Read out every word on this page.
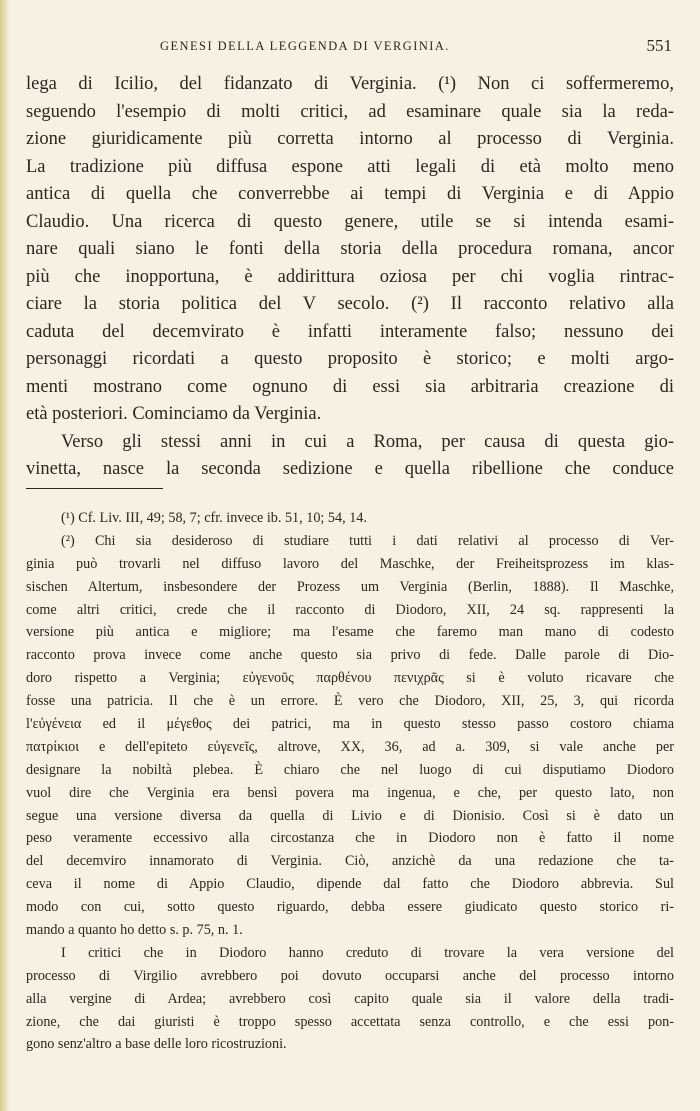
GENESI DELLA LEGGENDA DI VERGINIA.	551
lega di Icilio, del fidanzato di Verginia. (¹) Non ci soffermeremo,
seguendo l'esempio di molti critici, ad esaminare quale sia la reda-
zione giuridicamente più corretta intorno al processo di Verginia.
La tradizione più diffusa espone atti legali di età molto meno
antica di quella che converrebbe ai tempi di Verginia e di Appio
Claudio. Una ricerca di questo genere, utile se si intenda esami-
nare quali siano le fonti della storia della procedura romana, ancor
più che inopportuna, è addirittura oziosa per chi voglia rintrac-
ciare la storia politica del V secolo. (²) Il racconto relativo alla
caduta del decemvirato è infatti interamente falso; nessuno dei
personaggi ricordati a questo proposito è storico; e molti argo-
menti mostrano come ognuno di essi sia arbitraria creazione di
età posteriori. Cominciamo da Verginia.
Verso gli stessi anni in cui a Roma, per causa di questa gio-
vinetta, nasce la seconda sedizione e quella ribellione che conduce
(¹) Cf. Liv. III, 49; 58, 7; cfr. invece ib. 51, 10; 54, 14.
(²) Chi sia desideroso di studiare tutti i dati relativi al processo di Ver-
ginia può trovarli nel diffuso lavoro del Maschke, der Freiheitsprozess im klas-
sischen Altertum, insbesondere der Prozess um Verginia (Berlin, 1888). Il Maschke,
come altri critici, crede che il racconto di Diodoro, XII, 24 sq. rappresenti la
versione più antica e migliore; ma l'esame che faremo man mano di codesto
racconto prova invece come anche questo sia privo di fede. Dalle parole di Dio-
doro rispetto a Verginia; εὐγενοῦς παρθένου πενιχρᾶς si è voluto ricavare che
fosse una patricia. Il che è un errore. È vero che Diodoro, XII, 25, 3, qui ricorda
l'εὐγένεια ed il μέγεθος dei patrici, ma in questo stesso passo costoro chiama
πατρίκιοι e dell'epiteto εὐγενεῖς, altrove, XX, 36, ad a. 309, si vale anche per
designare la nobiltà plebea. È chiaro che nel luogo di cui disputiamo Diodoro
vuol dire che Verginia era bensì povera ma ingenua, e che, per questo lato, non
segue una versione diversa da quella di Livio e di Dionisio. Così si è dato un
peso veramente eccessivo alla circostanza che in Diodoro non è fatto il nome
del decemviro innamorato di Verginia. Ciò, anzichè da una redazione che ta-
ceva il nome di Appio Claudio, dipende dal fatto che Diodoro abbrevia. Sul
modo con cui, sotto questo riguardo, debba essere giudicato questo storico ri-
mando a quanto ho detto s. p. 75, n. 1.
I critici che in Diodoro hanno creduto di trovare la vera versione del
processo di Virgilio avrebbero poi dovuto occuparsi anche del processo intorno
alla vergine di Ardea; avrebbero così capito quale sia il valore della tradi-
zione, che dai giuristi è troppo spesso accettata senza controllo, e che essi pon-
gono senz'altro a base delle loro ricostruzioni.
